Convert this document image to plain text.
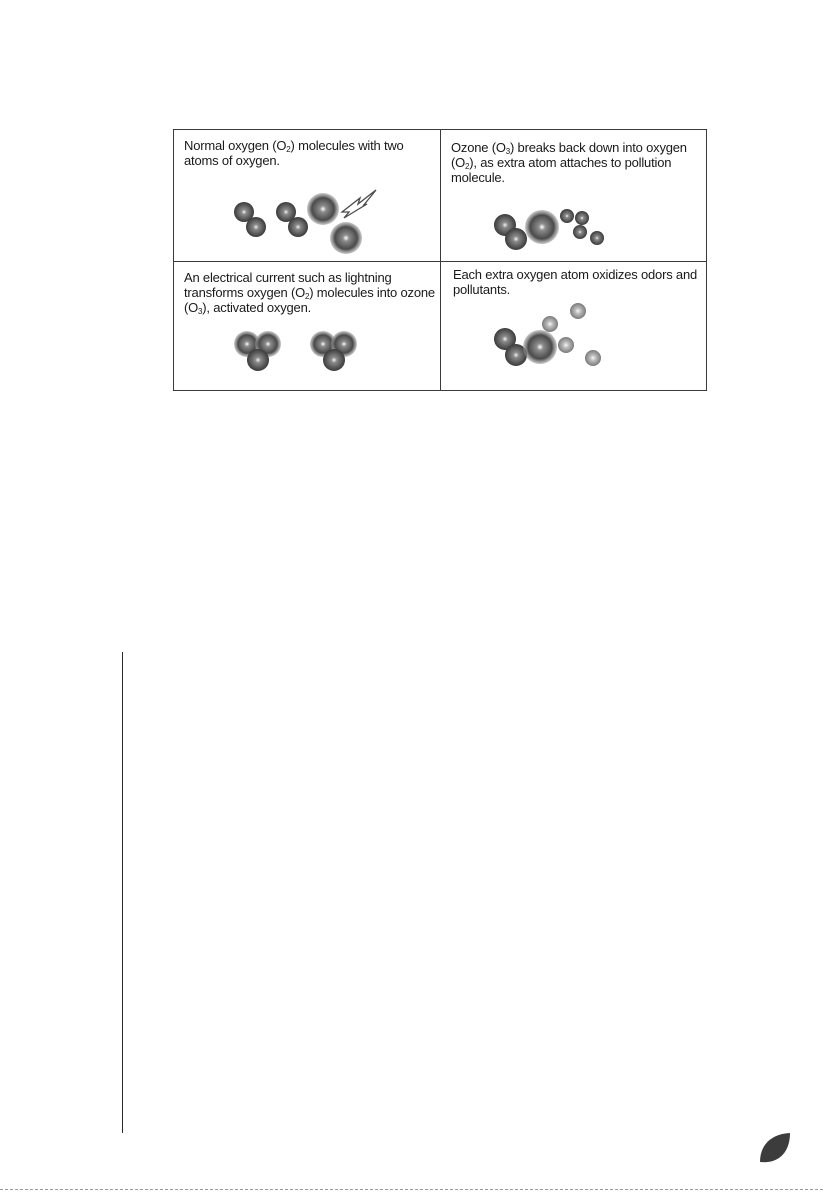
Normal oxygen $(O_2)$ molecules with two atoms of oxygen.
Ozone $(O_3)$ breaks back down into oxygen $(O_2)$, as extra atom attaches to pollution molecule.
An electrical current such as lightning transforms oxygen $(O_2)$ molecules into ozone $(O_3)$, activated oxygen.
Each extra oxygen atom oxidizes odors and pollutants.
